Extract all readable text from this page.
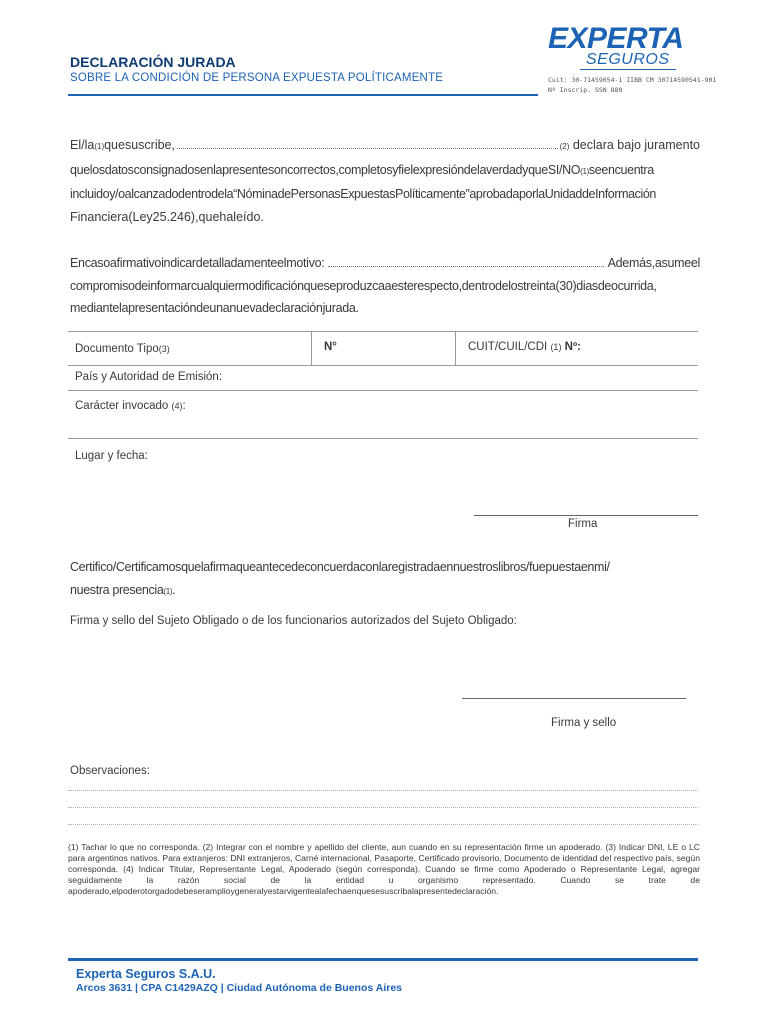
DECLARACIÓN JURADA
SOBRE LA CONDICIÓN DE PERSONA EXPUESTA POLÍTICAMENTE
EXPERTA
SEGUROS
Cuit: 30-71459054-1 IIBB CM 30714590541-901
Nº Inscrip. SSN 880
El/la (1) quesuscribe,	(2) declara bajo juramento
quelosdatosconsignadosenlapresentesoncorrectos,completosyfielexpresióndelaverdadyqueSI/NO(1)seencuentra
incluidoy/oalcanzadodentrodela“NóminadePersonasExpuestasPolíticamente”aprobadaporlaUnidaddeInformación
Financiera(Ley25.246),quehaleído.
Encasoafirmativoindicardetalladamenteelmotivo:	Además,asumeel
compromisodeinformarcualquiermodificaciónqueseproduzcaaesterespecto,dentrodelostreinta(30)diasdeocurrida,
mediantelapresentacióndeunanuevadeclaraciónjurada.
Documento Tipo(3)	N°	CUIT/CUIL/CDI (1) Nº:
País y Autoridad de Emisión:
Carácter invocado (4):
Lugar y fecha:
Firma
Certifico/Certificamosquelafirmaqueantecedeconcuerdaconlaregistradaennuestroslibros/fuepuestaenmi/
nuestra presencia(1).
Firma y sello del Sujeto Obligado o de los funcionarios autorizados del Sujeto Obligado:
Firma y sello
Observaciones:
(1) Tachar lo que no corresponda. (2) Integrar con el nombre y apellido del cliente, aun cuando en su representación firme un apoderado. (3) Indicar DNI, LE o LC para argentinos nativos. Para extranjeros: DNI extranjeros, Carné internacional, Pasaporte, Certificado provisorio, Documento de identidad del respectivo país, según corresponda. (4) Indicar Titular, Representante Legal, Apoderado (según corresponda). Cuando se firme como Apoderado o Representante Legal, agregar seguidamente la razón social de la entidad u organismo representado. Cuando se trate de apoderado,elpoderotorgadodebeseramplioygeneralyestarvigentealafechaenquesesuscribalapresentedeclaración.
Experta Seguros S.A.U.
Arcos 3631 | CPA C1429AZQ | Ciudad Autónoma de Buenos Aires
